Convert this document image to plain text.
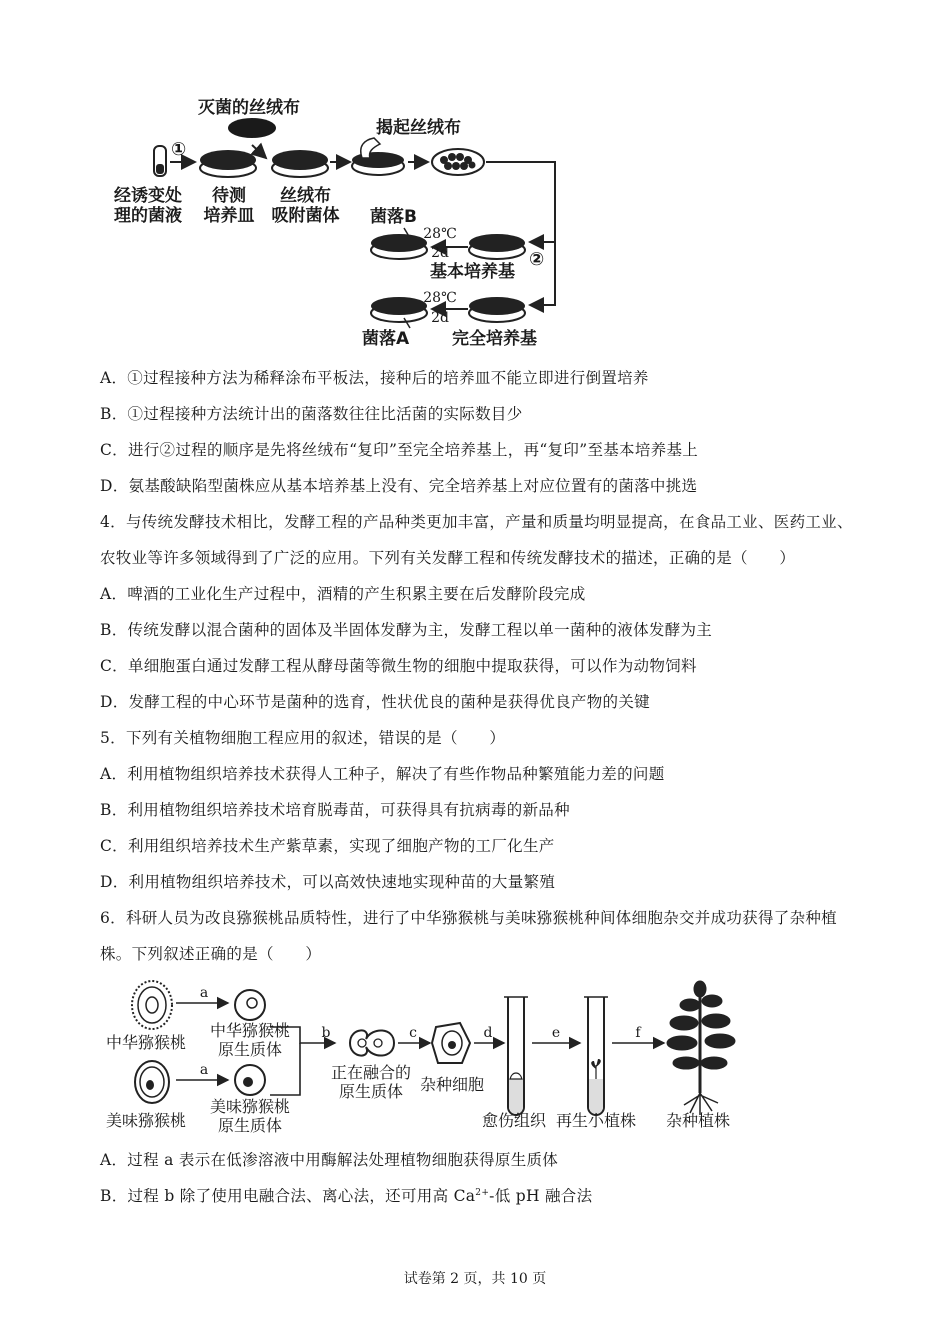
灭菌的丝绒布
揭起丝绒布
①
②
经诱变处
理的菌液
待测
培养皿
丝绒布
吸附菌体 菌落B
28℃
2d
基本培养基
28℃
2d
菌落A	完全培养基
A．①过程接种方法为稀释涂布平板法，接种后的培养皿不能立即进行倒置培养
B．①过程接种方法统计出的菌落数往往比活菌的实际数目少
C．进行②过程的顺序是先将丝绒布“复印”至完全培养基上，再“复印”至基本培养基上
D．氨基酸缺陷型菌株应从基本培养基上没有、完全培养基上对应位置有的菌落中挑选
4．与传统发酵技术相比，发酵工程的产品种类更加丰富，产量和质量均明显提高，在食品工业、医药工业、
农牧业等许多领域得到了广泛的应用。下列有关发酵工程和传统发酵技术的描述，正确的是（　　）
A．啤酒的工业化生产过程中，酒精的产生积累主要在后发酵阶段完成
B．传统发酵以混合菌种的固体及半固体发酵为主，发酵工程以单一菌种的液体发酵为主
C．单细胞蛋白通过发酵工程从酵母菌等微生物的细胞中提取获得，可以作为动物饲料
D．发酵工程的中心环节是菌种的选育，性状优良的菌种是获得优良产物的关键
5．下列有关植物细胞工程应用的叙述，错误的是（　　）
A．利用植物组织培养技术获得人工种子，解决了有些作物品种繁殖能力差的问题
B．利用植物组织培养技术培育脱毒苗，可获得具有抗病毒的新品种
C．利用组织培养技术生产紫草素，实现了细胞产物的工厂化生产
D．利用植物组织培养技术，可以高效快速地实现种苗的大量繁殖
6．科研人员为改良猕猴桃品质特性，进行了中华猕猴桃与美味猕猴桃种间体细胞杂交并成功获得了杂种植
株。下列叙述正确的是（　　）
a
a
b	c	d	e	f
中华猕猴桃
中华猕猴桃
原生质体
美味猕猴桃
美味猕猴桃
原生质体
正在融合的
原生质体	杂种细胞
愈伤组织 再生小植株 杂种植株
A．过程 a 表示在低渗溶液中用酶解法处理植物细胞获得原生质体
B．过程 b 除了使用电融合法、离心法，还可用高 $Ca^{2+}-$低 pH 融合法
试卷第 2 页，共 10 页
